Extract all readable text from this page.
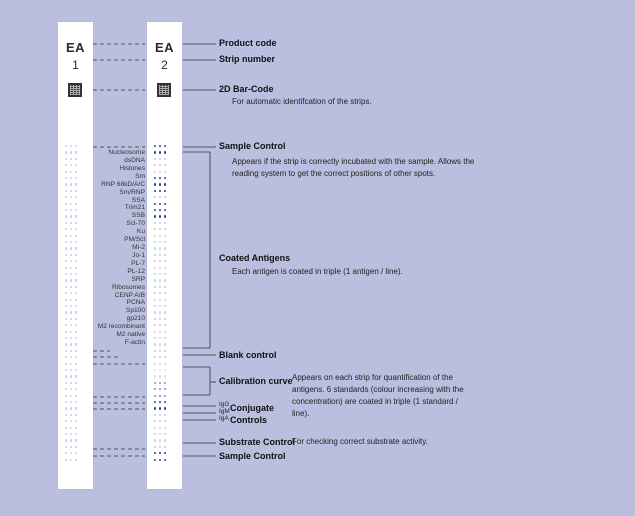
EA
1
EA
2
Nucleosome
dsDNA
Histones
Sm
RNP 68kD/A/C
Sm/RNP
SSA
Trim21
SSB
Scl-70
Ku
PM/Scl
Mi-2
Jo-1
PL-7
PL-12
SRP
Ribosomes
CENP A/B
PCNA
Sp100
gp210
M2 recombinant
M2 native
F-actin
Product code
Strip number
2D Bar-Code
For automatic identifcation of the strips.
Sample Control
Appears if the strip is correctly incubated with the sample. Allows the reading system to get the correct positions of other spots.
Coated Antigens
Each antigen is coated in triple (1 antigen / line).
Blank control
Calibration curve Appears on each strip for quantification of the antigens. 6 standards (colour increasing with the concentration) are coated in triple (1 standard / line).
IgG
IgM
IgA
Conjugate
Controls
Substrate Control
For checking correct substrate activity.
Sample Control
